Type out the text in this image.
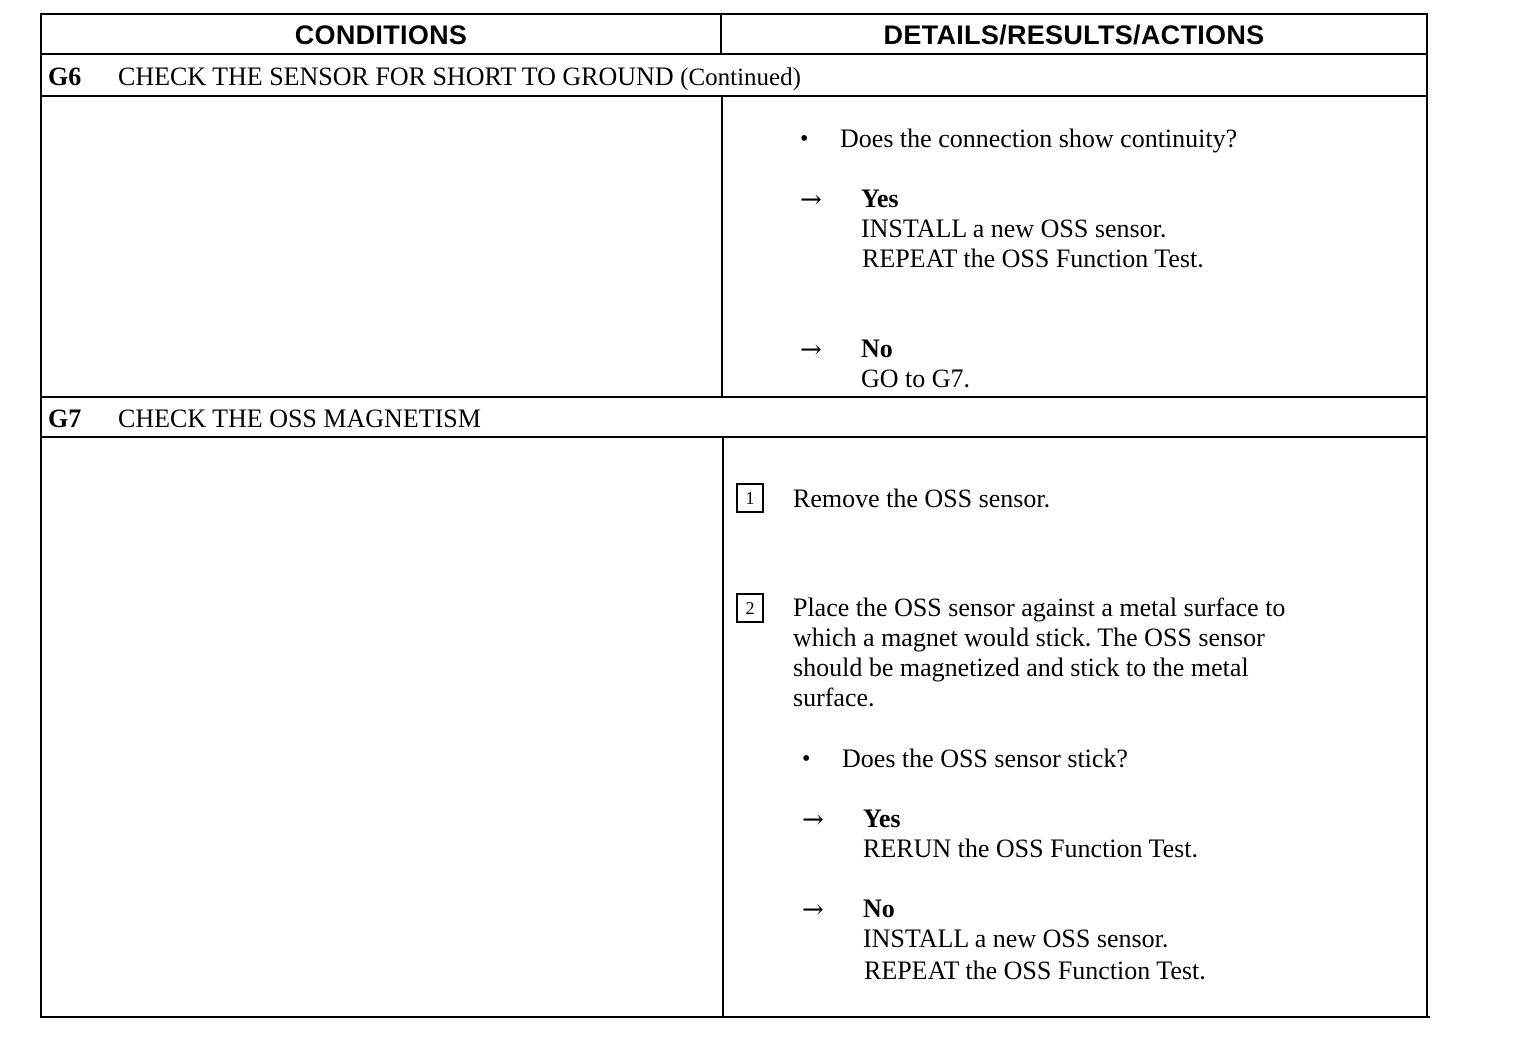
CONDITIONS	DETAILS/RESULTS/ACTIONS
G6 CHECK THE SENSOR FOR SHORT TO GROUND (Continued)
• Does the connection show continuity?
→ Yes
INSTALL a new OSS sensor.
REPEAT the OSS Function Test.
→ No
GO to G7.
G7 CHECK THE OSS MAGNETISM
1	Remove the OSS sensor.
2	Place the OSS sensor against a metal surface to
which a magnet would stick. The OSS sensor
should be magnetized and stick to the metal
surface.
• Does the OSS sensor stick?
→ Yes
RERUN the OSS Function Test.
→ No
INSTALL a new OSS sensor.
REPEAT the OSS Function Test.
